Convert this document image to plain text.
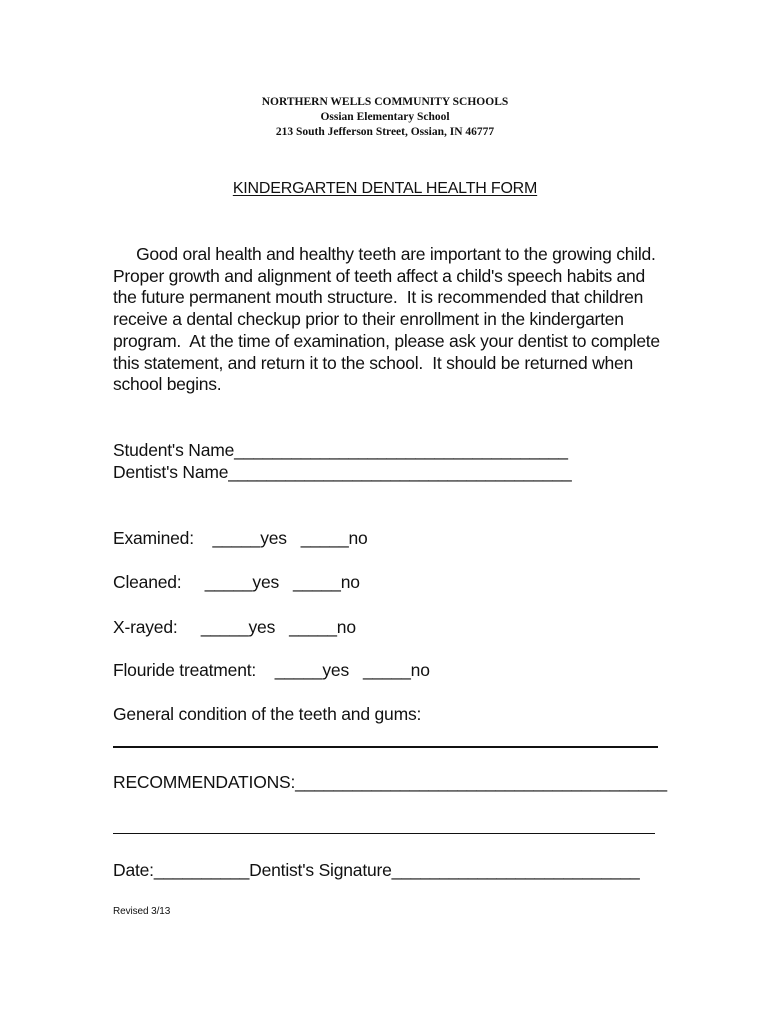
NORTHERN WELLS COMMUNITY SCHOOLS
Ossian Elementary School
213 South Jefferson Street, Ossian, IN 46777
KINDERGARTEN DENTAL HEALTH FORM
Good oral health and healthy teeth are important to the growing child.  Proper growth and alignment of teeth affect a child's speech habits and the future permanent mouth structure.  It is recommended that children receive a dental checkup prior to their enrollment in the kindergarten program.  At the time of examination, please ask your dentist to complete this statement, and return it to the school.  It should be returned when school begins.
Student's Name___________________________________
Dentist's Name____________________________________
Examined:    _____yes   _____no
Cleaned:     _____yes   _____no
X-rayed:     _____yes   _____no
Flouride treatment:    _____yes   _____no
General condition of the teeth and gums:
RECOMMENDATIONS:_______________________________________
Date:__________Dentist's Signature__________________________
Revised 3/13
